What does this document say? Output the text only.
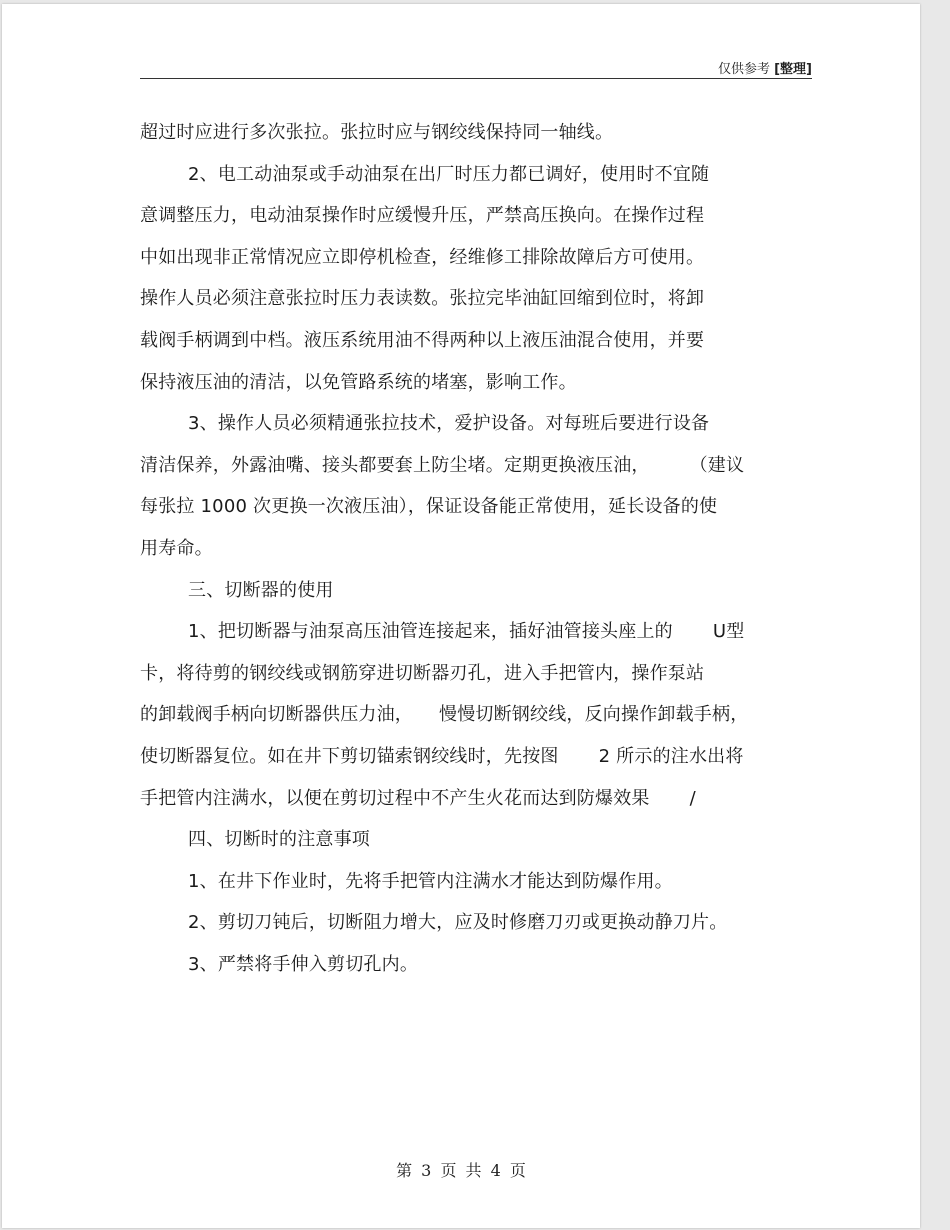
仅供参考 [整理]
超过时应进行多次张拉。张拉时应与钢绞线保持同一轴线。
2、电工动油泵或手动油泵在出厂时压力都已调好，使用时不宜随
意调整压力，电动油泵操作时应缓慢升压，严禁高压换向。在操作过程
中如出现非正常情况应立即停机检查，经维修工排除故障后方可使用。
操作人员必须注意张拉时压力表读数。张拉完毕油缸回缩到位时，将卸
载阀手柄调到中档。液压系统用油不得两种以上液压油混合使用，并要
保持液压油的清洁，以免管路系统的堵塞，影响工作。
3、操作人员必须精通张拉技术，爱护设备。对每班后要进行设备
清洁保养，外露油嘴、接头都要套上防尘堵。定期更换液压油， （建议
每张拉 1000 次更换一次液压油），保证设备能正常使用，延长设备的使
用寿命。
三、切断器的使用
1、把切断器与油泵高压油管连接起来，插好油管接头座上的 U型
卡，将待剪的钢绞线或钢筋穿进切断器刃孔，进入手把管内，操作泵站
的卸载阀手柄向切断器供压力油， 慢慢切断钢绞线，反向操作卸载手柄，
使切断器复位。如在井下剪切锚索钢绞线时，先按图 2 所示的注水出将
手把管内注满水，以便在剪切过程中不产生火花而达到防爆效果 /
四、切断时的注意事项
1、在井下作业时，先将手把管内注满水才能达到防爆作用。
2、剪切刀钝后，切断阻力增大，应及时修磨刀刃或更换动静刀片。
3、严禁将手伸入剪切孔内。
第 3 页 共 4 页
